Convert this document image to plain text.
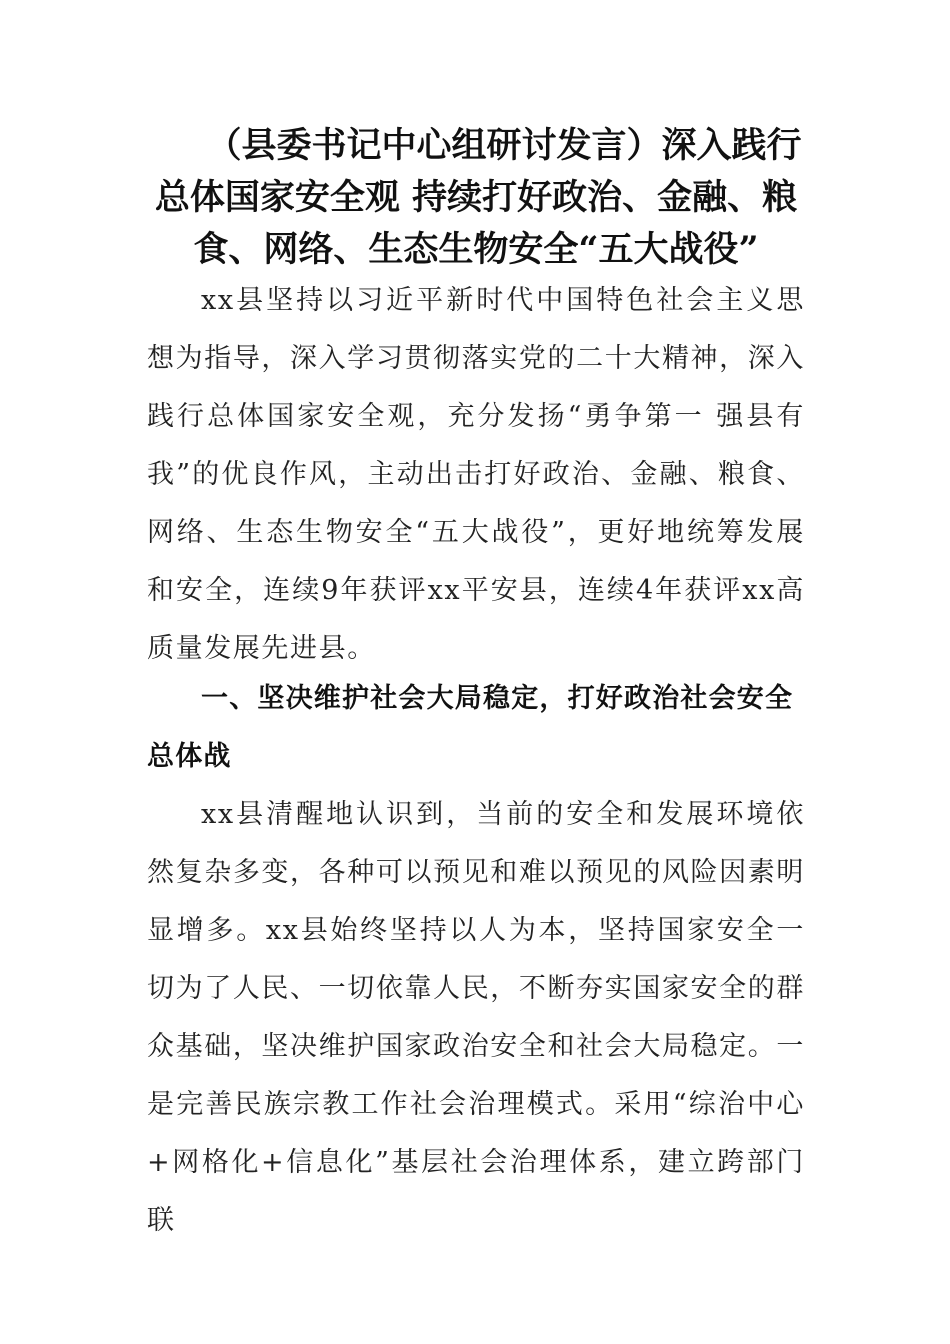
（县委书记中心组研讨发言）深入践行总体国家安全观 持续打好政治、金融、粮食、网络、生态生物安全“五大战役”

xx县坚持以习近平新时代中国特色社会主义思想为指导，深入学习贯彻落实党的二十大精神，深入践行总体国家安全观，充分发扬“勇争第一 强县有我”的优良作风，主动出击打好政治、金融、粮食、网络、生态生物安全“五大战役”，更好地统筹发展和安全，连续9年获评xx平安县，连续4年获评xx高质量发展先进县。

一、坚决维护社会大局稳定，打好政治社会安全总体战

xx县清醒地认识到，当前的安全和发展环境依然复杂多变，各种可以预见和难以预见的风险因素明显增多。xx县始终坚持以人为本，坚持国家安全一切为了人民、一切依靠人民，不断夯实国家安全的群众基础，坚决维护国家政治安全和社会大局稳定。一是完善民族宗教工作社会治理模式。采用“综治中心+网格化+信息化”基层社会治理体系，建立跨部门联
